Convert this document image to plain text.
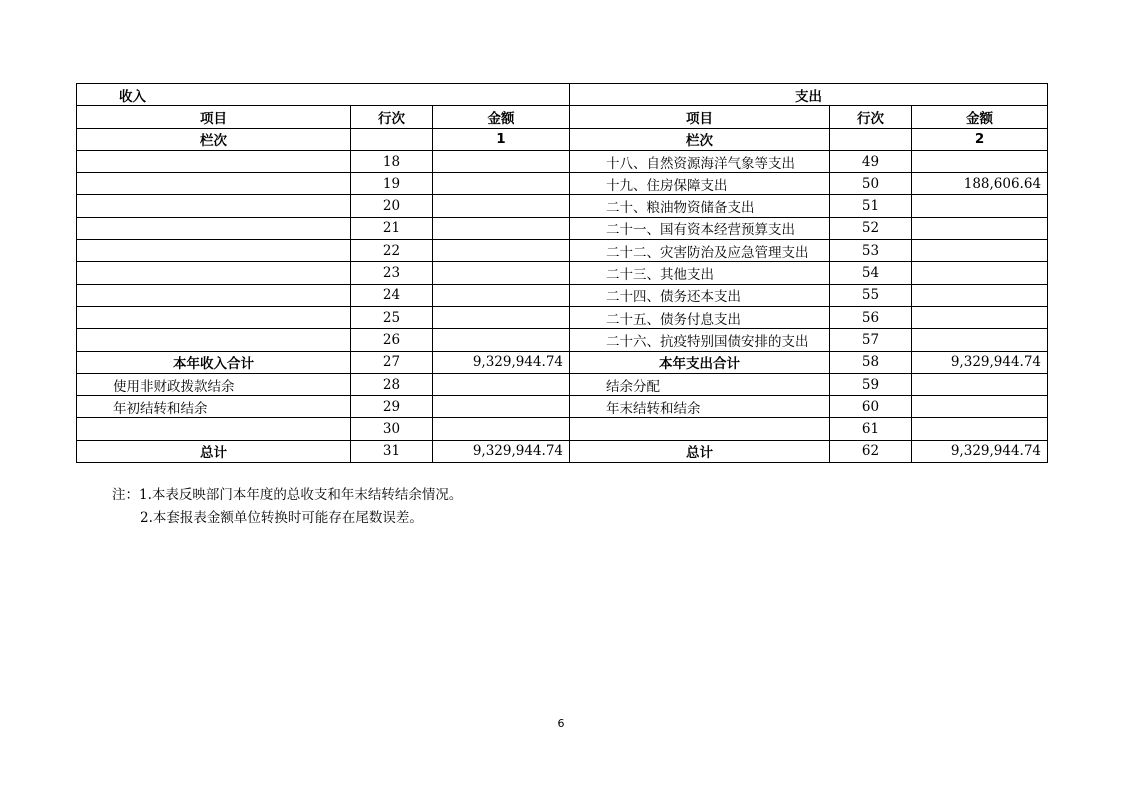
收入			支出		
项目	行次	金额	项目	行次	金额
栏次		1	栏次		2
	18		十八、自然资源海洋气象等支出	49	
	19		十九、住房保障支出	50	188,606.64
	20		二十、粮油物资储备支出	51	
	21		二十一、国有资本经营预算支出	52	
	22		二十二、灾害防治及应急管理支出	53	
	23		二十三、其他支出	54	
	24		二十四、债务还本支出	55	
	25		二十五、债务付息支出	56	
	26		二十六、抗疫特别国债安排的支出	57	
本年收入合计	27	9,329,944.74	本年支出合计	58	9,329,944.74
使用非财政拨款结余	28		结余分配	59	
年初结转和结余	29		年末结转和结余	60	
	30			61	
总计	31	9,329,944.74	总计	62	9,329,944.74
注：1.本表反映部门本年度的总收支和年末结转结余情况。
2.本套报表金额单位转换时可能存在尾数误差。
6
